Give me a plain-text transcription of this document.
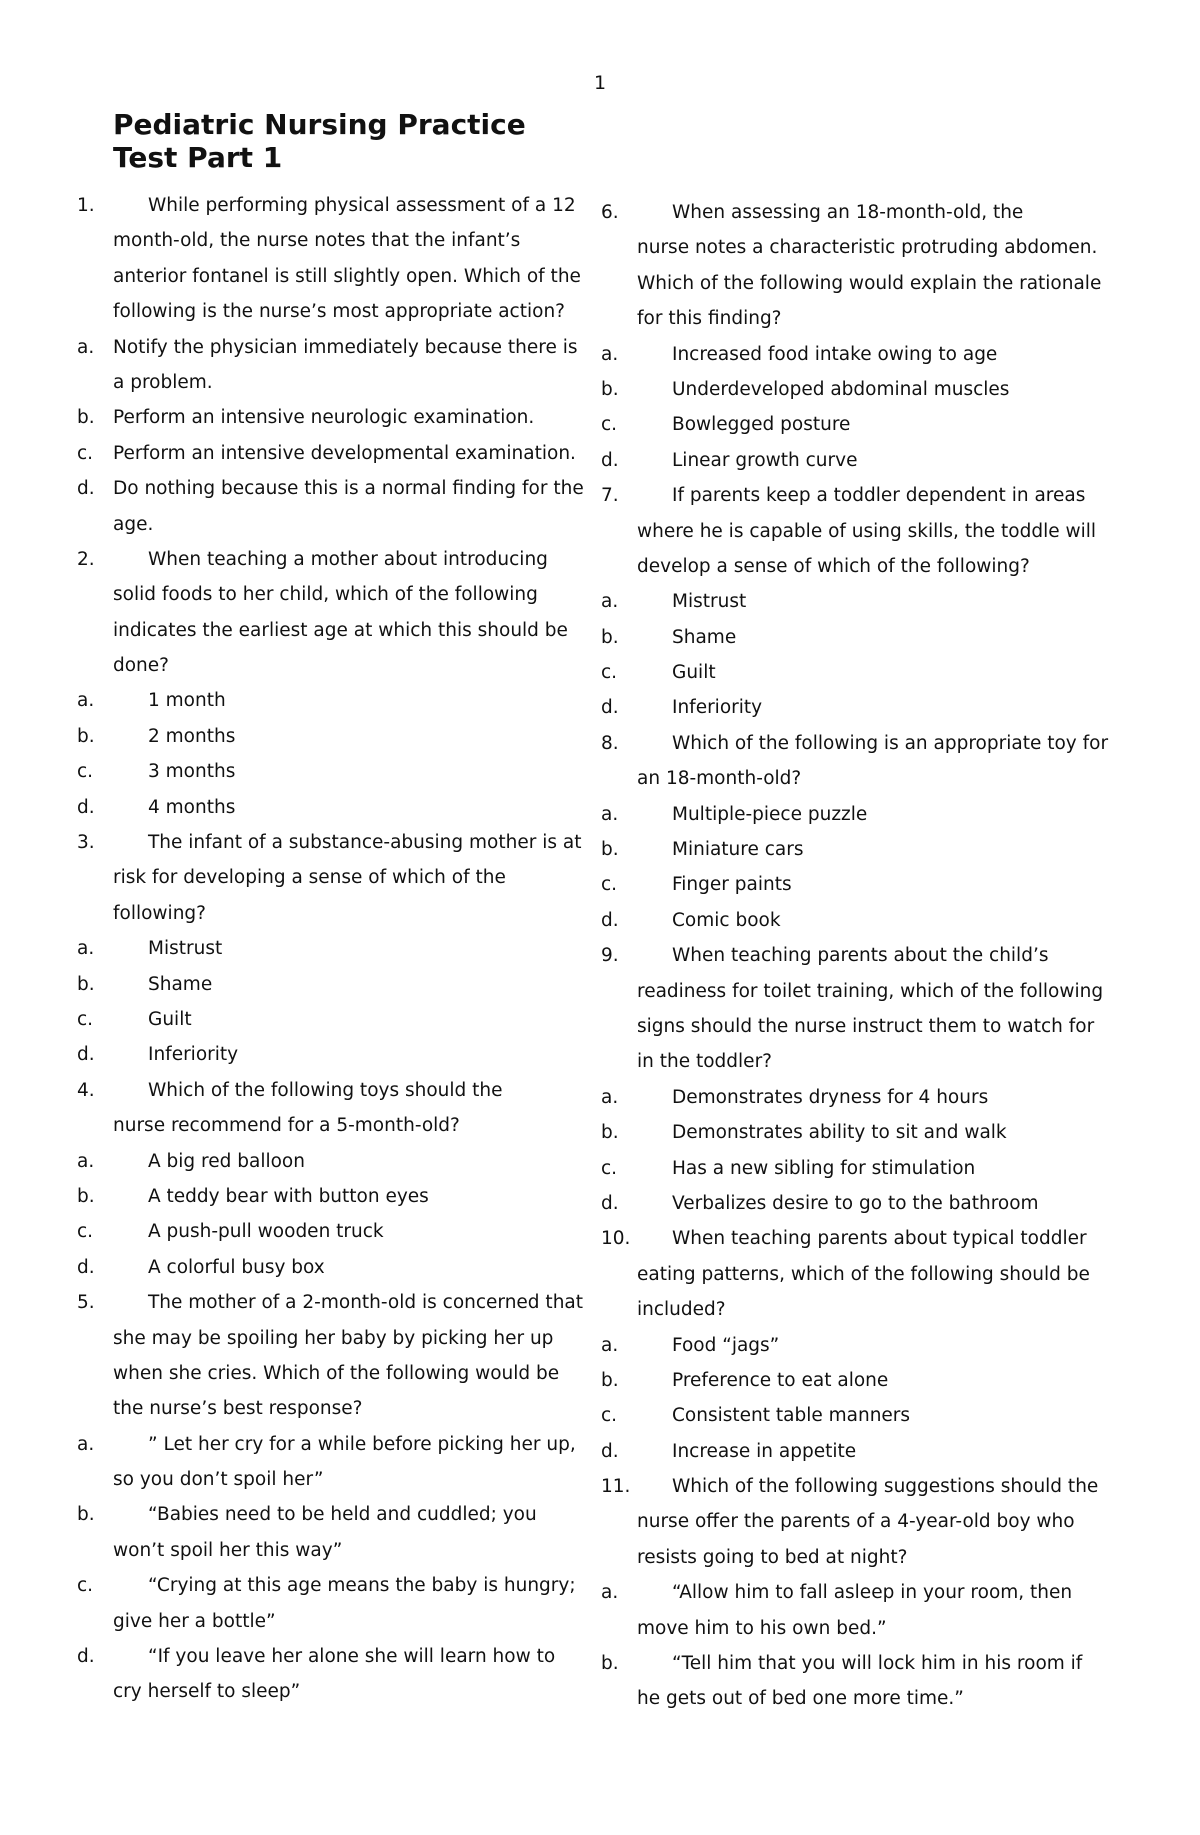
1
Pediatric Nursing Practice
Test Part 1
1.	While performing physical assessment of a 12
month-old, the nurse notes that the infant’s
anterior fontanel is still slightly open. Which of the
following is the nurse’s most appropriate action?
a. Notify the physician immediately because there is
a problem.
b. Perform an intensive neurologic examination.
c. Perform an intensive developmental examination.
d. Do nothing because this is a normal finding for the
age.
2.	When teaching a mother about introducing
solid foods to her child, which of the following
indicates the earliest age at which this should be
done?
a.	1 month
b.	2 months
c.	3 months
d.	4 months
3.	The infant of a substance-abusing mother is at
risk for developing a sense of which of the
following?
a.	Mistrust
b.	Shame
c.	Guilt
d.	Inferiority
4.	Which of the following toys should the
nurse recommend for a 5-month-old?
a.	A big red balloon
b.	A teddy bear with button eyes
c.	A push-pull wooden truck
d.	A colorful busy box
5.	The mother of a 2-month-old is concerned that
she may be spoiling her baby by picking her up
when she cries. Which of the following would be
the nurse’s best response?
a.	” Let her cry for a while before picking her up,
so you don’t spoil her”
b.	“Babies need to be held and cuddled; you
won’t spoil her this way”
c.	“Crying at this age means the baby is hungry;
give her a bottle”
d.	“If you leave her alone she will learn how to
cry herself to sleep”
6.	When assessing an 18-month-old, the
nurse notes a characteristic protruding abdomen.
Which of the following would explain the rationale
for this finding?
a.	Increased food intake owing to age
b.	Underdeveloped abdominal muscles
c.	Bowlegged posture
d.	Linear growth curve
7.	If parents keep a toddler dependent in areas
where he is capable of using skills, the toddle will
develop a sense of which of the following?
a.	Mistrust
b.	Shame
c.	Guilt
d.	Inferiority
8.	Which of the following is an appropriate toy for
an 18-month-old?
a.	Multiple-piece puzzle
b.	Miniature cars
c.	Finger paints
d.	Comic book
9.	When teaching parents about the child’s
readiness for toilet training, which of the following
signs should the nurse instruct them to watch for
in the toddler?
a.	Demonstrates dryness for 4 hours
b.	Demonstrates ability to sit and walk
c.	Has a new sibling for stimulation
d.	Verbalizes desire to go to the bathroom
10. When teaching parents about typical toddler
eating patterns, which of the following should be
included?
a.	Food “jags”
b.	Preference to eat alone
c.	Consistent table manners
d.	Increase in appetite
11. Which of the following suggestions should the
nurse offer the parents of a 4-year-old boy who
resists going to bed at night?
a.	“Allow him to fall asleep in your room, then
move him to his own bed.”
b.	“Tell him that you will lock him in his room if
he gets out of bed one more time.”
